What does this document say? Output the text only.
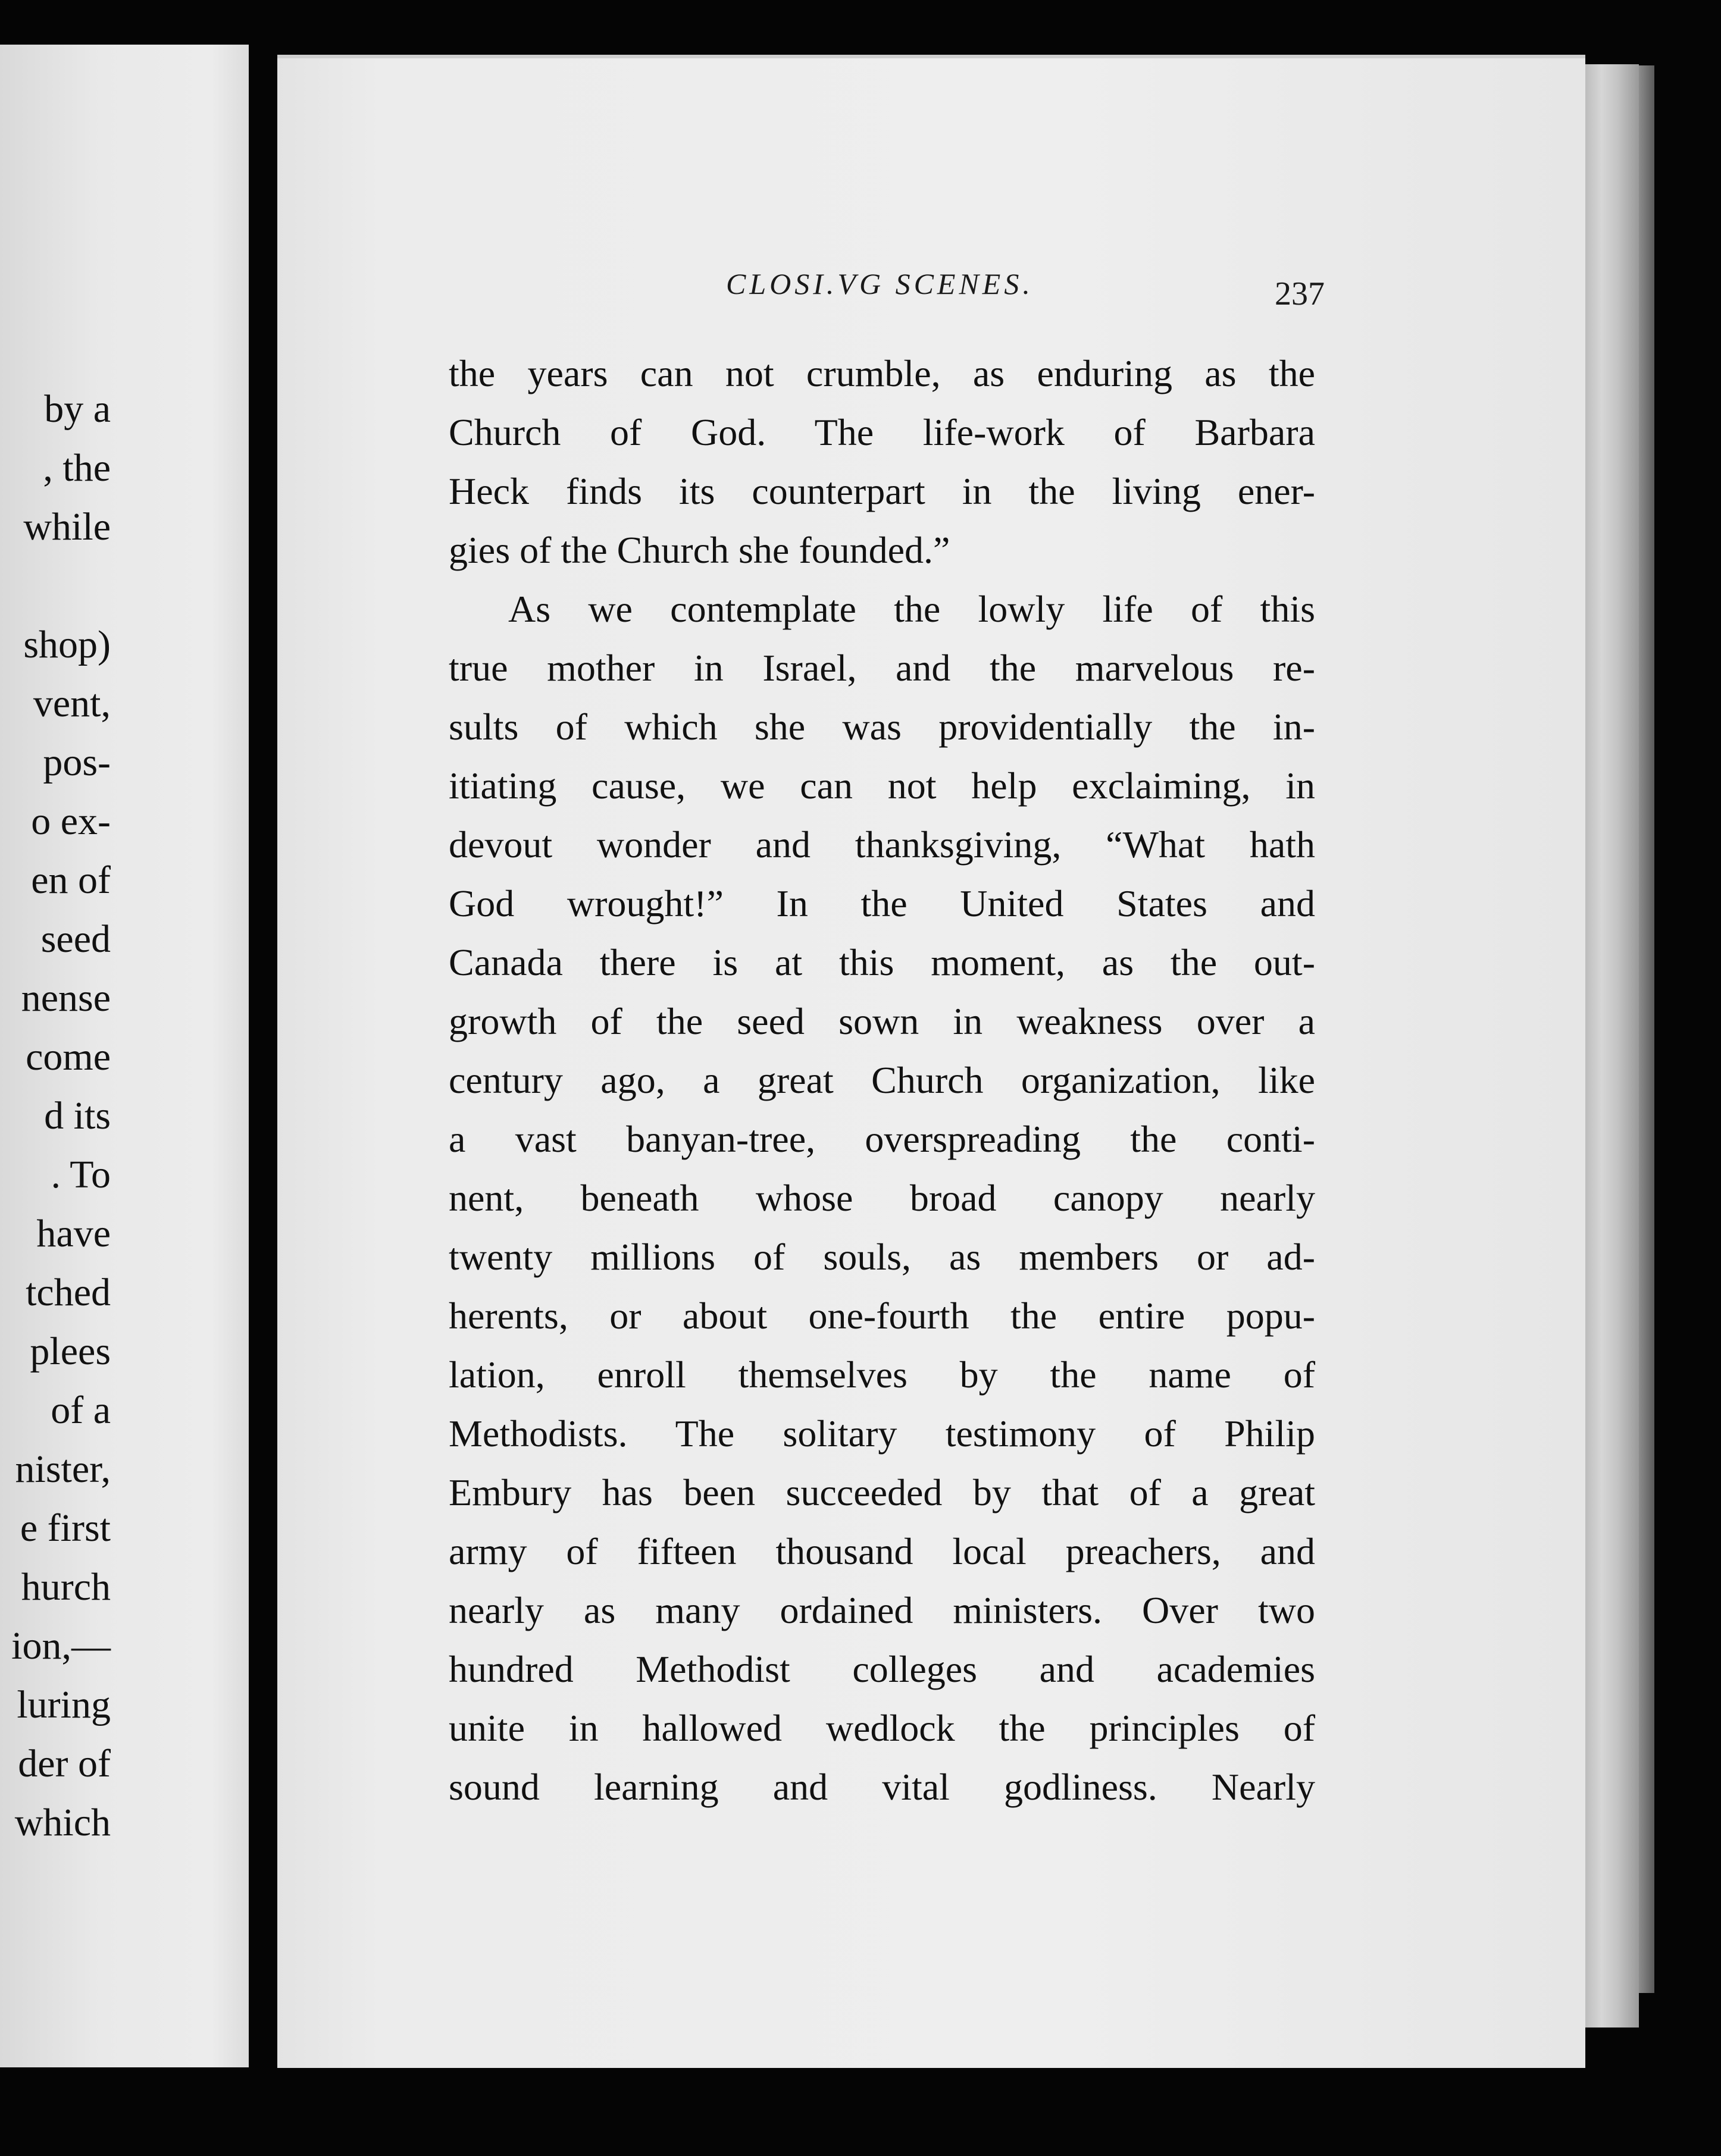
by a
, the
while
shop)
vent,
pos-
o ex-
en of
seed
nense
come
d its
. To
have
tched
plees
of a
nister,
e first
hurch
ion,—
luring
der of
which
CLOSI.VG SCENES.	237
the years can not crumble, as enduring as the
Church of God. The life-work of Barbara
Heck finds its counterpart in the living ener-
gies of the Church she founded.”
As we contemplate the lowly life of this
true mother in Israel, and the marvelous re-
sults of which she was providentially the in-
itiating cause, we can not help exclaiming, in
devout wonder and thanksgiving, “What hath
God wrought!” In the United States and
Canada there is at this moment, as the out-
growth of the seed sown in weakness over a
century ago, a great Church organization, like
a vast banyan-tree, overspreading the conti-
nent, beneath whose broad canopy nearly
twenty millions of souls, as members or ad-
herents, or about one-fourth the entire popu-
lation, enroll themselves by the name of
Methodists. The solitary testimony of Philip
Embury has been succeeded by that of a great
army of fifteen thousand local preachers, and
nearly as many ordained ministers. Over two
hundred Methodist colleges and academies
unite in hallowed wedlock the principles of
sound learning and vital godliness. Nearly
